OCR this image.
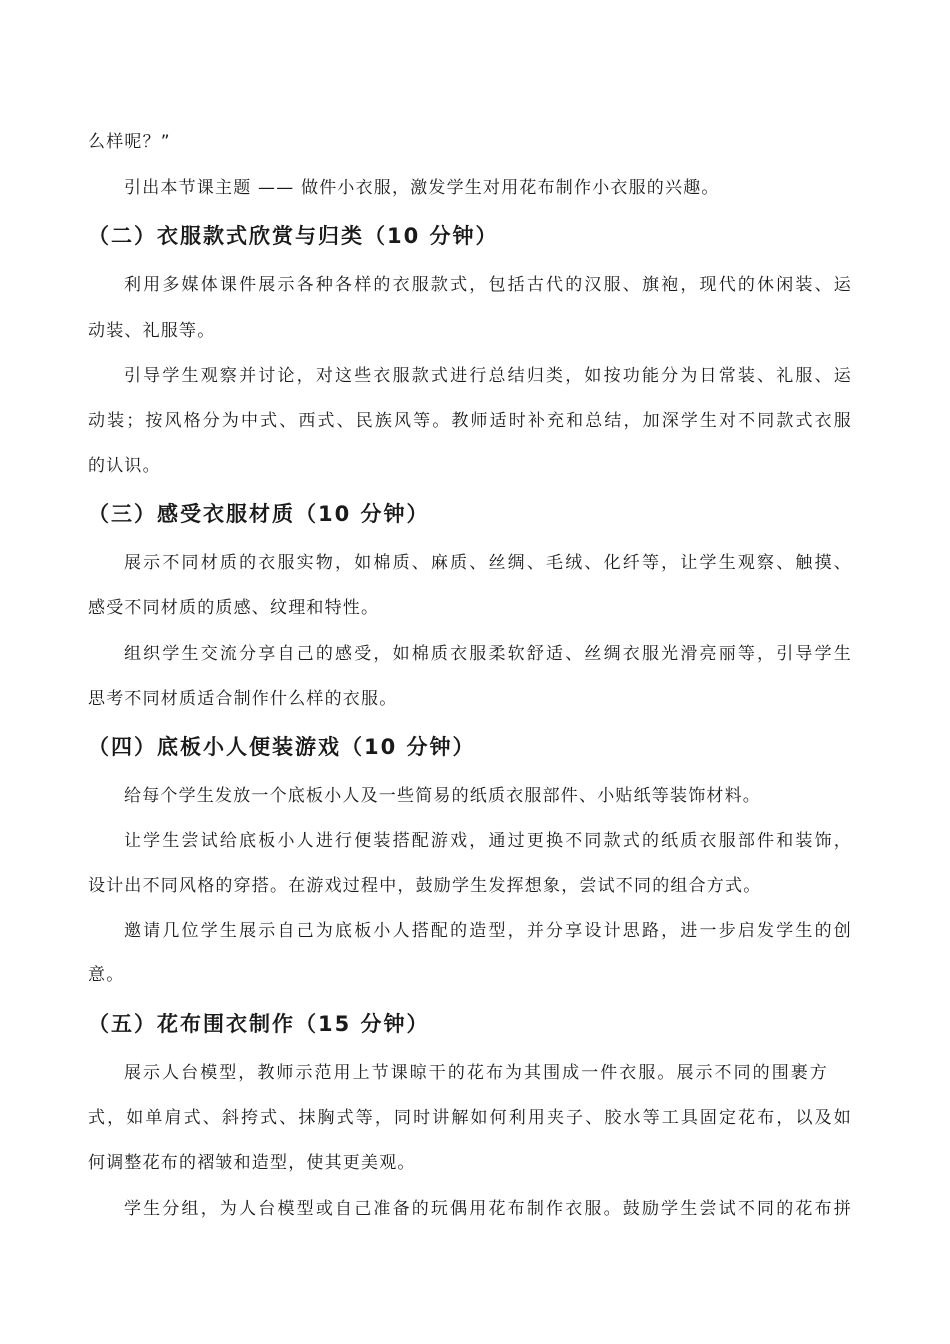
么样呢？”
引出本节课主题 —— 做件小衣服，激发学生对用花布制作小衣服的兴趣。
（二）衣服款式欣赏与归类（10 分钟）
利用多媒体课件展示各种各样的衣服款式，包括古代的汉服、旗袍，现代的休闲装、运
动装、礼服等。
引导学生观察并讨论，对这些衣服款式进行总结归类，如按功能分为日常装、礼服、运
动装；按风格分为中式、西式、民族风等。教师适时补充和总结，加深学生对不同款式衣服
的认识。
（三）感受衣服材质（10 分钟）
展示不同材质的衣服实物，如棉质、麻质、丝绸、毛绒、化纤等，让学生观察、触摸、
感受不同材质的质感、纹理和特性。
组织学生交流分享自己的感受，如棉质衣服柔软舒适、丝绸衣服光滑亮丽等，引导学生
思考不同材质适合制作什么样的衣服。
（四）底板小人便装游戏（10 分钟）
给每个学生发放一个底板小人及一些简易的纸质衣服部件、小贴纸等装饰材料。
让学生尝试给底板小人进行便装搭配游戏，通过更换不同款式的纸质衣服部件和装饰，
设计出不同风格的穿搭。在游戏过程中，鼓励学生发挥想象，尝试不同的组合方式。
邀请几位学生展示自己为底板小人搭配的造型，并分享设计思路，进一步启发学生的创
意。
（五）花布围衣制作（15 分钟）
展示人台模型，教师示范用上节课晾干的花布为其围成一件衣服。展示不同的围裹方
式，如单肩式、斜挎式、抹胸式等，同时讲解如何利用夹子、胶水等工具固定花布，以及如
何调整花布的褶皱和造型，使其更美观。
学生分组，为人台模型或自己准备的玩偶用花布制作衣服。鼓励学生尝试不同的花布拼
